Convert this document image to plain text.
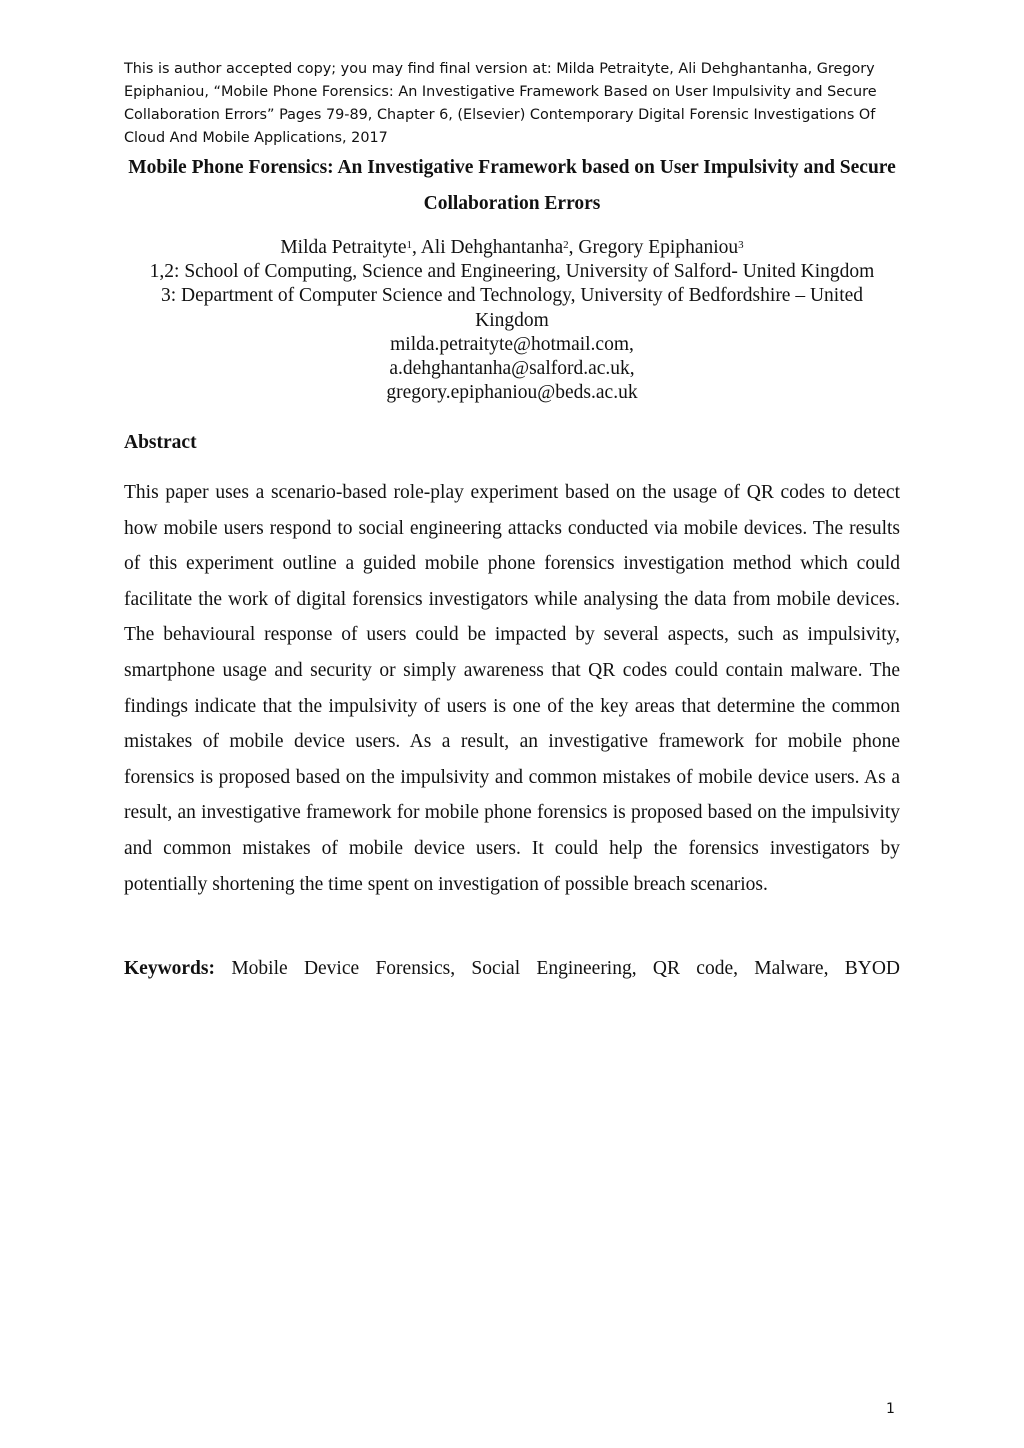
This is author accepted copy; you may find final version at: Milda Petraityte, Ali Dehghantanha, Gregory Epiphaniou, “Mobile Phone Forensics: An Investigative Framework Based on User Impulsivity and Secure Collaboration Errors” Pages 79-89, Chapter 6, (Elsevier) Contemporary Digital Forensic Investigations Of Cloud And Mobile Applications, 2017

Mobile Phone Forensics: An Investigative Framework based on User Impulsivity and Secure Collaboration Errors
Milda Petraityte$^1$, Ali Dehghantanha$^2$, Gregory Epiphaniou$^3$
1,2: School of Computing, Science and Engineering, University of Salford- United Kingdom
3: Department of Computer Science and Technology, University of Bedfordshire – United Kingdom
milda.petraityte@hotmail.com, a.dehghantanha@salford.ac.uk, gregory.epiphaniou@beds.ac.uk
Abstract

This paper uses a scenario-based role-play experiment based on the usage of QR codes to detect how mobile users respond to social engineering attacks conducted via mobile devices. The results of this experiment outline a guided mobile phone forensics investigation method which could facilitate the work of digital forensics investigators while analysing the data from mobile devices. The behavioural response of users could be impacted by several aspects, such as impulsivity, smartphone usage and security or simply awareness that QR codes could contain malware. The findings indicate that the impulsivity of users is one of the key areas that determine the common mistakes of mobile device users. As a result, an investigative framework for mobile phone forensics is proposed based on the impulsivity and common mistakes of mobile device users. As a result, an investigative framework for mobile phone forensics is proposed based on the impulsivity and common mistakes of mobile device users. It could help the forensics investigators by potentially shortening the time spent on investigation of possible breach scenarios.

Keywords: Mobile Device Forensics, Social Engineering, QR code, Malware, BYOD

1
